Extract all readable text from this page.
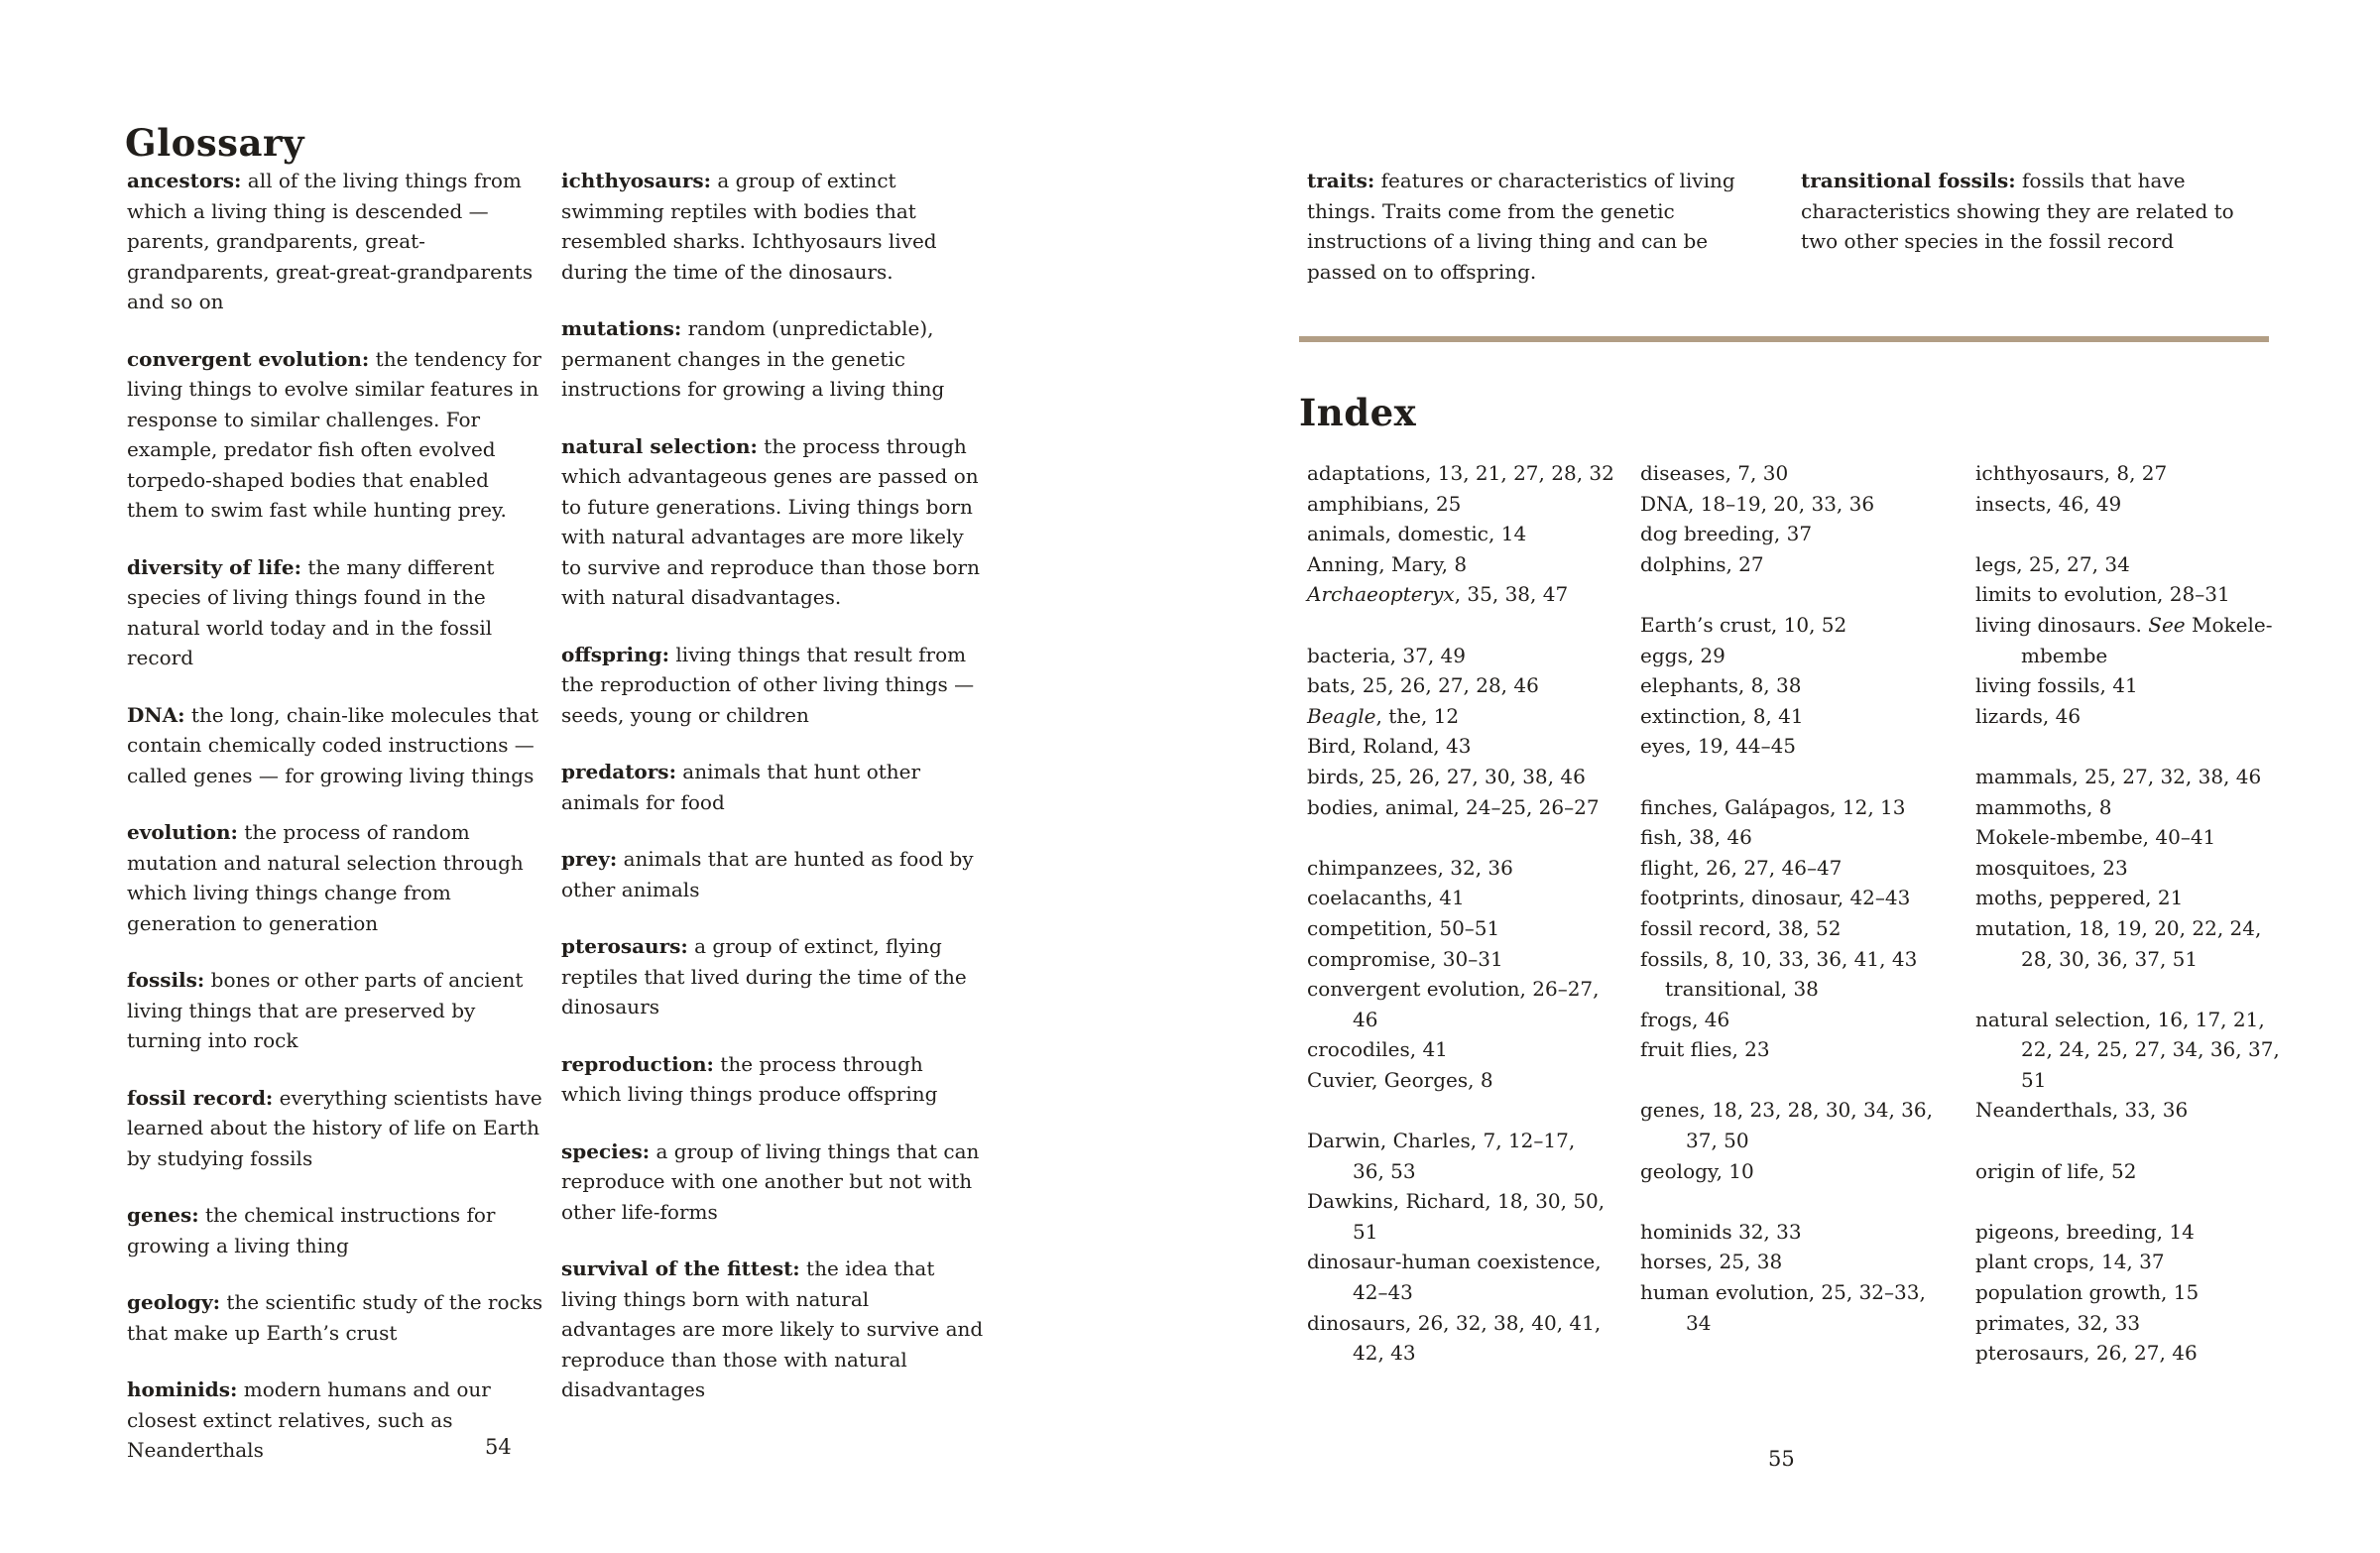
Glossary

ancestors: all of the living things from which a living thing is descended — parents, grandparents, great-grandparents, great-great-grandparents and so on

convergent evolution: the tendency for living things to evolve similar features in response to similar challenges. For example, predator fish often evolved torpedo-shaped bodies that enabled them to swim fast while hunting prey.

diversity of life: the many different species of living things found in the natural world today and in the fossil record

DNA: the long, chain-like molecules that contain chemically coded instructions — called genes — for growing living things

evolution: the process of random mutation and natural selection through which living things change from generation to generation

fossils: bones or other parts of ancient living things that are preserved by turning into rock

fossil record: everything scientists have learned about the history of life on Earth by studying fossils

genes: the chemical instructions for growing a living thing

geology: the scientific study of the rocks that make up Earth’s crust

hominids: modern humans and our closest extinct relatives, such as Neanderthals

ichthyosaurs: a group of extinct swimming reptiles with bodies that resembled sharks. Ichthyosaurs lived during the time of the dinosaurs.

mutations: random (unpredictable), permanent changes in the genetic instructions for growing a living thing

natural selection: the process through which advantageous genes are passed on to future generations. Living things born with natural advantages are more likely to survive and reproduce than those born with natural disadvantages.

offspring: living things that result from the reproduction of other living things — seeds, young or children

predators: animals that hunt other animals for food

prey: animals that are hunted as food by other animals

pterosaurs: a group of extinct, flying reptiles that lived during the time of the dinosaurs

reproduction: the process through which living things produce offspring

species: a group of living things that can reproduce with one another but not with other life-forms

survival of the fittest: the idea that living things born with natural advantages are more likely to survive and reproduce than those with natural disadvantages

54

traits: features or characteristics of living things. Traits come from the genetic instructions of a living thing and can be passed on to offspring.

transitional fossils: fossils that have characteristics showing they are related to two other species in the fossil record

Index
adaptations, 13, 21, 27, 28, 32
amphibians, 25
animals, domestic, 14
Anning, Mary, 8
Archaeopteryx, 35, 38, 47
bacteria, 37, 49
bats, 25, 26, 27, 28, 46
Beagle, the, 12
Bird, Roland, 43
birds, 25, 26, 27, 30, 38, 46
bodies, animal, 24–25, 26–27
chimpanzees, 32, 36
coelacanths, 41
competition, 50–51
compromise, 30–31
convergent evolution, 26–27,
46
crocodiles, 41
Cuvier, Georges, 8
Darwin, Charles, 7, 12–17,
36, 53
Dawkins, Richard, 18, 30, 50,
51
dinosaur-human coexistence,
42–43
dinosaurs, 26, 32, 38, 40, 41,
42, 43
diseases, 7, 30
DNA, 18–19, 20, 33, 36
dog breeding, 37
dolphins, 27
Earth’s crust, 10, 52
eggs, 29
elephants, 8, 38
extinction, 8, 41
eyes, 19, 44–45
finches, Galápagos, 12, 13
fish, 38, 46
flight, 26, 27, 46–47
footprints, dinosaur, 42–43
fossil record, 38, 52
fossils, 8, 10, 33, 36, 41, 43
transitional, 38
frogs, 46
fruit flies, 23
genes, 18, 23, 28, 30, 34, 36,
37, 50
geology, 10
hominids 32, 33
horses, 25, 38
human evolution, 25, 32–33,
34
ichthyosaurs, 8, 27
insects, 46, 49
legs, 25, 27, 34
limits to evolution, 28–31
living dinosaurs. See Mokele-
mbembe
living fossils, 41
lizards, 46
mammals, 25, 27, 32, 38, 46
mammoths, 8
Mokele-mbembe, 40–41
mosquitoes, 23
moths, peppered, 21
mutation, 18, 19, 20, 22, 24,
28, 30, 36, 37, 51
natural selection, 16, 17, 21,
22, 24, 25, 27, 34, 36, 37,
51
Neanderthals, 33, 36
origin of life, 52
pigeons, breeding, 14
plant crops, 14, 37
population growth, 15
primates, 32, 33
pterosaurs, 26, 27, 46
55
